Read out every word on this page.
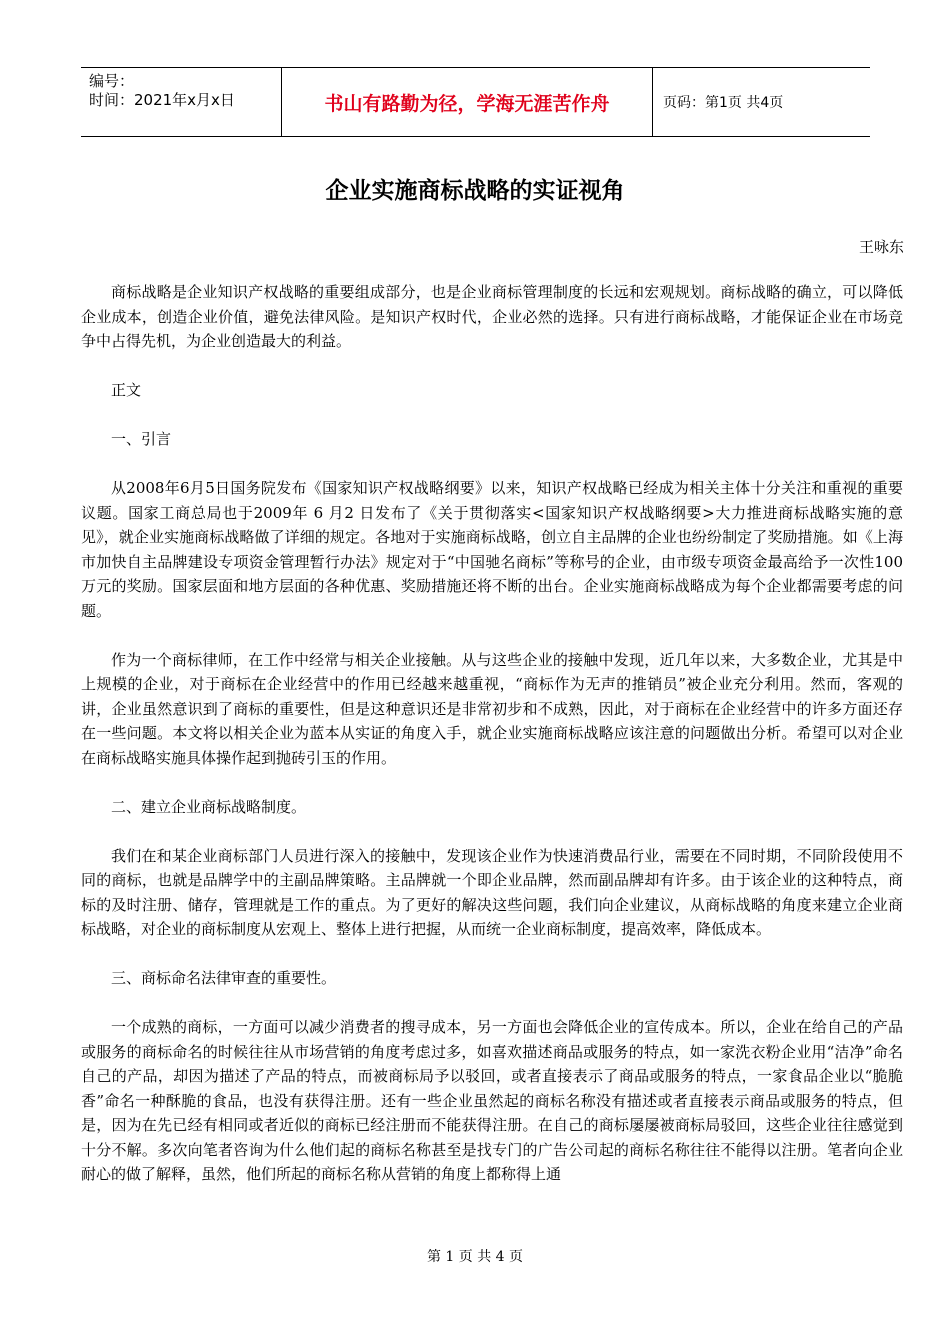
编号：
时间：2021年x月x日	书山有路勤为径，学海无涯苦作舟	页码：第1页 共4页
企业实施商标战略的实证视角
王咏东

商标战略是企业知识产权战略的重要组成部分，也是企业商标管理制度的长远和宏观规划。商标战略的确立，可以降低企业成本，创造企业价值，避免法律风险。是知识产权时代，企业必然的选择。只有进行商标战略，才能保证企业在市场竞争中占得先机，为企业创造最大的利益。

正文

一、引言

从2008年6月5日国务院发布《国家知识产权战略纲要》以来，知识产权战略已经成为相关主体十分关注和重视的重要议题。国家工商总局也于2009年 6 月2 日发布了《关于贯彻落实<国家知识产权战略纲要>大力推进商标战略实施的意见》，就企业实施商标战略做了详细的规定。各地对于实施商标战略，创立自主品牌的企业也纷纷制定了奖励措施。如《上海市加快自主品牌建设专项资金管理暂行办法》规定对于“中国驰名商标”等称号的企业，由市级专项资金最高给予一次性100万元的奖励。国家层面和地方层面的各种优惠、奖励措施还将不断的出台。企业实施商标战略成为每个企业都需要考虑的问题。

作为一个商标律师，在工作中经常与相关企业接触。从与这些企业的接触中发现，近几年以来，大多数企业，尤其是中上规模的企业，对于商标在企业经营中的作用已经越来越重视，“商标作为无声的推销员”被企业充分利用。然而，客观的讲，企业虽然意识到了商标的重要性，但是这种意识还是非常初步和不成熟，因此，对于商标在企业经营中的许多方面还存在一些问题。本文将以相关企业为蓝本从实证的角度入手，就企业实施商标战略应该注意的问题做出分析。希望可以对企业在商标战略实施具体操作起到抛砖引玉的作用。

二、建立企业商标战略制度。

我们在和某企业商标部门人员进行深入的接触中，发现该企业作为快速消费品行业，需要在不同时期，不同阶段使用不同的商标，也就是品牌学中的主副品牌策略。主品牌就一个即企业品牌，然而副品牌却有许多。由于该企业的这种特点，商标的及时注册、储存，管理就是工作的重点。为了更好的解决这些问题，我们向企业建议，从商标战略的角度来建立企业商标战略，对企业的商标制度从宏观上、整体上进行把握，从而统一企业商标制度，提高效率，降低成本。

三、商标命名法律审查的重要性。

一个成熟的商标，一方面可以减少消费者的搜寻成本，另一方面也会降低企业的宣传成本。所以，企业在给自己的产品或服务的商标命名的时候往往从市场营销的角度考虑过多，如喜欢描述商品或服务的特点，如一家洗衣粉企业用“洁净”命名自己的产品，却因为描述了产品的特点，而被商标局予以驳回，或者直接表示了商品或服务的特点，一家食品企业以“脆脆香”命名一种酥脆的食品，也没有获得注册。还有一些企业虽然起的商标名称没有描述或者直接表示商品或服务的特点，但是，因为在先已经有相同或者近似的商标已经注册而不能获得注册。在自己的商标屡屡被商标局驳回，这些企业往往感觉到十分不解。多次向笔者咨询为什么他们起的商标名称甚至是找专门的广告公司起的商标名称往往不能得以注册。笔者向企业耐心的做了解释，虽然，他们所起的商标名称从营销的角度上都称得上通

第 1 页 共 4 页
